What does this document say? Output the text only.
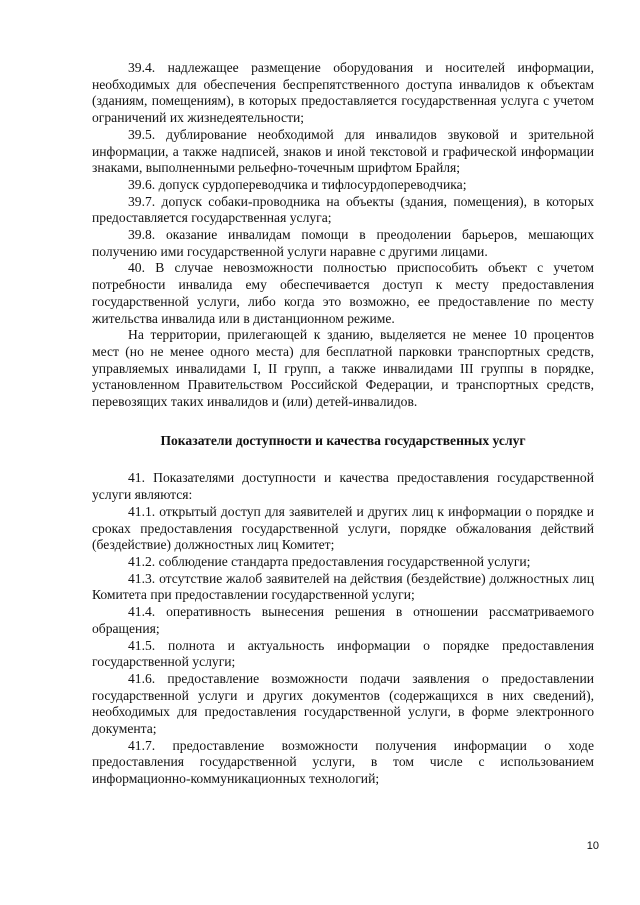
39.4. надлежащее размещение оборудования и носителей информации, необходимых для обеспечения беспрепятственного доступа инвалидов к объектам (зданиям, помещениям), в которых предоставляется государственная услуга с учетом ограничений их жизнедеятельности;

39.5. дублирование необходимой для инвалидов звуковой и зрительной информации, а также надписей, знаков и иной текстовой и графической информации знаками, выполненными рельефно-точечным шрифтом Брайля;

39.6. допуск сурдопереводчика и тифлосурдопереводчика;

39.7. допуск собаки-проводника на объекты (здания, помещения), в которых предоставляется государственная услуга;

39.8. оказание инвалидам помощи в преодолении барьеров, мешающих получению ими государственной услуги наравне с другими лицами.

40. В случае невозможности полностью приспособить объект с учетом потребности инвалида ему обеспечивается доступ к месту предоставления государственной услуги, либо когда это возможно, ее предоставление по месту жительства инвалида или в дистанционном режиме.

На территории, прилегающей к зданию, выделяется не менее 10 процентов мест (но не менее одного места) для бесплатной парковки транспортных средств, управляемых инвалидами I, II групп, а также инвалидами III группы в порядке, установленном Правительством Российской Федерации, и транспортных средств, перевозящих таких инвалидов и (или) детей-инвалидов.

Показатели доступности и качества государственных услуг

41. Показателями доступности и качества предоставления государственной услуги являются:

41.1. открытый доступ для заявителей и других лиц к информации о порядке и сроках предоставления государственной услуги, порядке обжалования действий (бездействие) должностных лиц Комитет;

41.2. соблюдение стандарта предоставления государственной услуги;

41.3. отсутствие жалоб заявителей на действия (бездействие) должностных лиц Комитета при предоставлении государственной услуги;

41.4. оперативность вынесения решения в отношении рассматриваемого обращения;

41.5. полнота и актуальность информации о порядке предоставления государственной услуги;

41.6. предоставление возможности подачи заявления о предоставлении государственной услуги и других документов (содержащихся в них сведений), необходимых для предоставления государственной услуги, в форме электронного документа;

41.7. предоставление возможности получения информации о ходе предоставления государственной услуги, в том числе с использованием информационно-коммуникационных технологий;

10
